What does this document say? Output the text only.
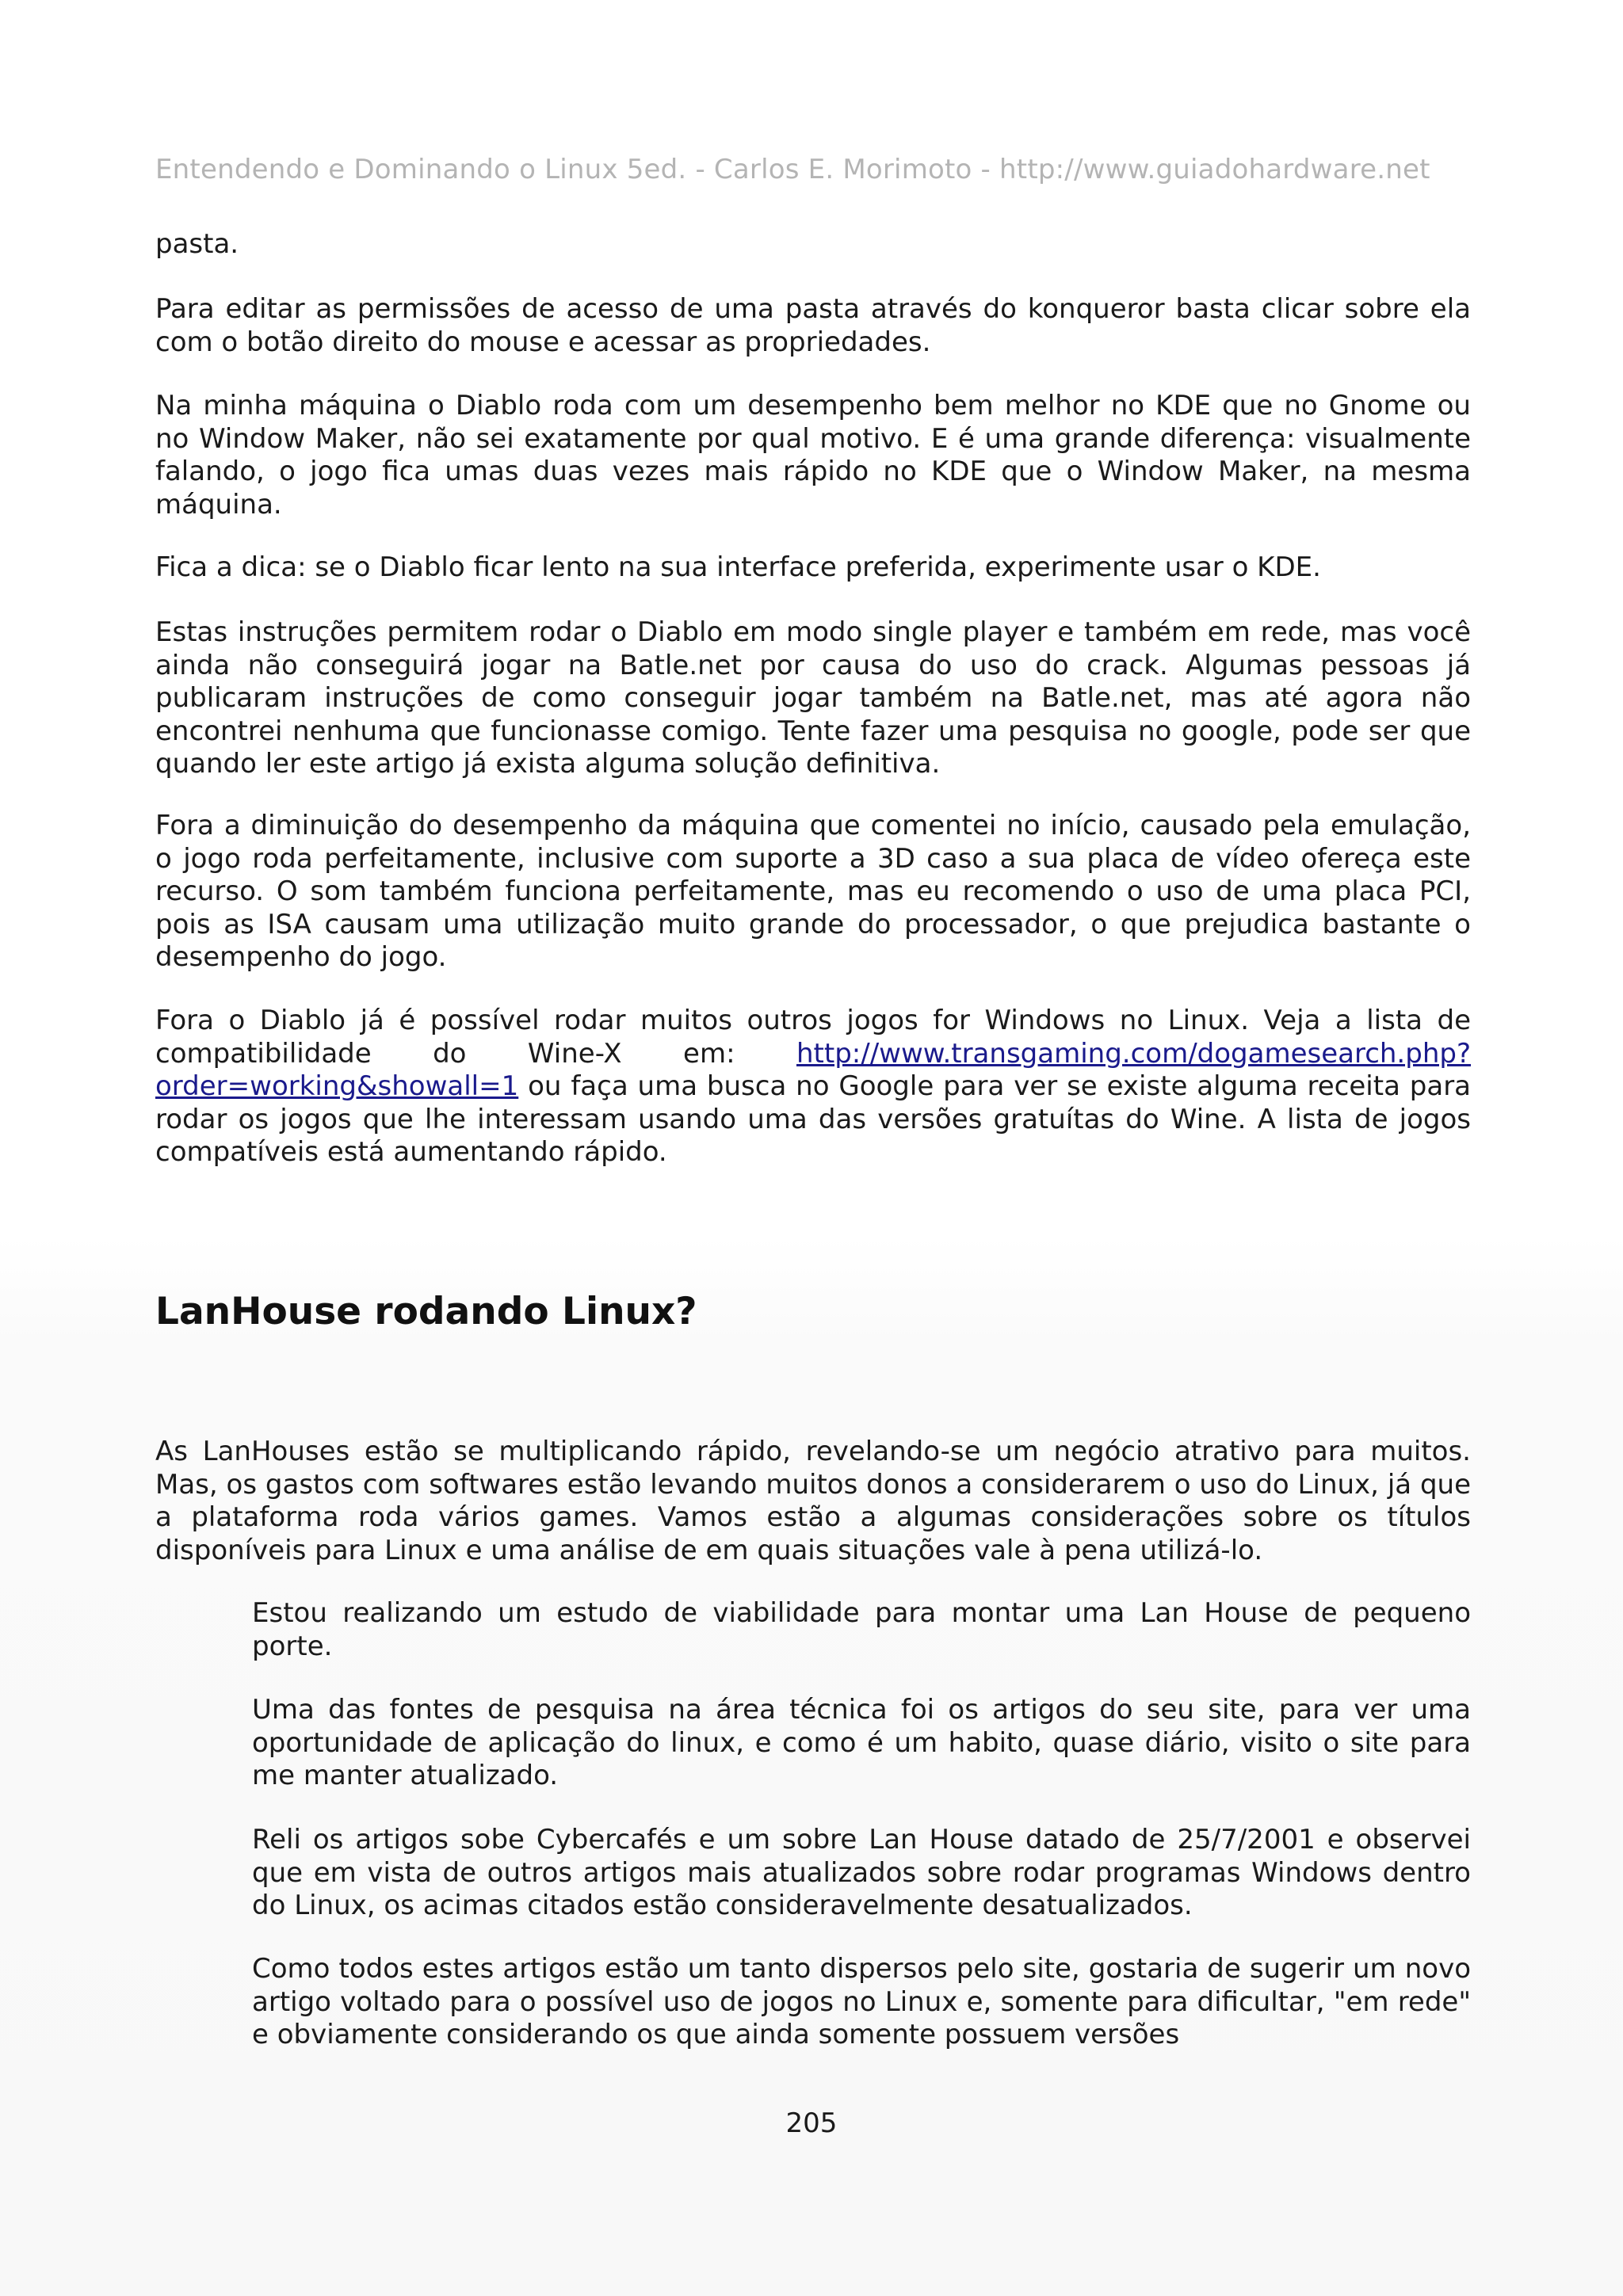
Entendendo e Dominando o Linux 5ed. - Carlos E. Morimoto - http://www.guiadohardware.net

pasta.

Para editar as permissões de acesso de uma pasta através do konqueror basta clicar sobre ela com o botão direito do mouse e acessar as propriedades.

Na minha máquina o Diablo roda com um desempenho bem melhor no KDE que no Gnome ou no Window Maker, não sei exatamente por qual motivo. E é uma grande diferença: visualmente falando, o jogo fica umas duas vezes mais rápido no KDE que o Window Maker, na mesma máquina.

Fica a dica: se o Diablo ficar lento na sua interface preferida, experimente usar o KDE.

Estas instruções permitem rodar o Diablo em modo single player e também em rede, mas você ainda não conseguirá jogar na Batle.net por causa do uso do crack. Algumas pessoas já publicaram instruções de como conseguir jogar também na Batle.net, mas até agora não encontrei nenhuma que funcionasse comigo. Tente fazer uma pesquisa no google, pode ser que quando ler este artigo já exista alguma solução definitiva.

Fora a diminuição do desempenho da máquina que comentei no início, causado pela emulação, o jogo roda perfeitamente, inclusive com suporte a 3D caso a sua placa de vídeo ofereça este recurso. O som também funciona perfeitamente, mas eu recomendo o uso de uma placa PCI, pois as ISA causam uma utilização muito grande do processador, o que prejudica bastante o desempenho do jogo.

Fora o Diablo já é possível rodar muitos outros jogos for Windows no Linux. Veja a lista de compatibilidade do Wine-X em: http://www.transgaming.com/dogamesearch.php?order=working&showall=1 ou faça uma busca no Google para ver se existe alguma receita para rodar os jogos que lhe interessam usando uma das versões gratuítas do Wine. A lista de jogos compatíveis está aumentando rápido.

LanHouse rodando Linux?

As LanHouses estão se multiplicando rápido, revelando-se um negócio atrativo para muitos. Mas, os gastos com softwares estão levando muitos donos a considerarem o uso do Linux, já que a plataforma roda vários games. Vamos estão a algumas considerações sobre os títulos disponíveis para Linux e uma análise de em quais situações vale à pena utilizá-lo.

Estou realizando um estudo de viabilidade para montar uma Lan House de pequeno porte.

Uma das fontes de pesquisa na área técnica foi os artigos do seu site, para ver uma oportunidade de aplicação do linux, e como é um habito, quase diário, visito o site para me manter atualizado.

Reli os artigos sobe Cybercafés e um sobre Lan House datado de 25/7/2001 e observei que em vista de outros artigos mais atualizados sobre rodar programas Windows dentro do Linux, os acimas citados estão consideravelmente desatualizados.

Como todos estes artigos estão um tanto dispersos pelo site, gostaria de sugerir um novo artigo voltado para o possível uso de jogos no Linux e, somente para dificultar, "em rede" e obviamente considerando os que ainda somente possuem versões

205
